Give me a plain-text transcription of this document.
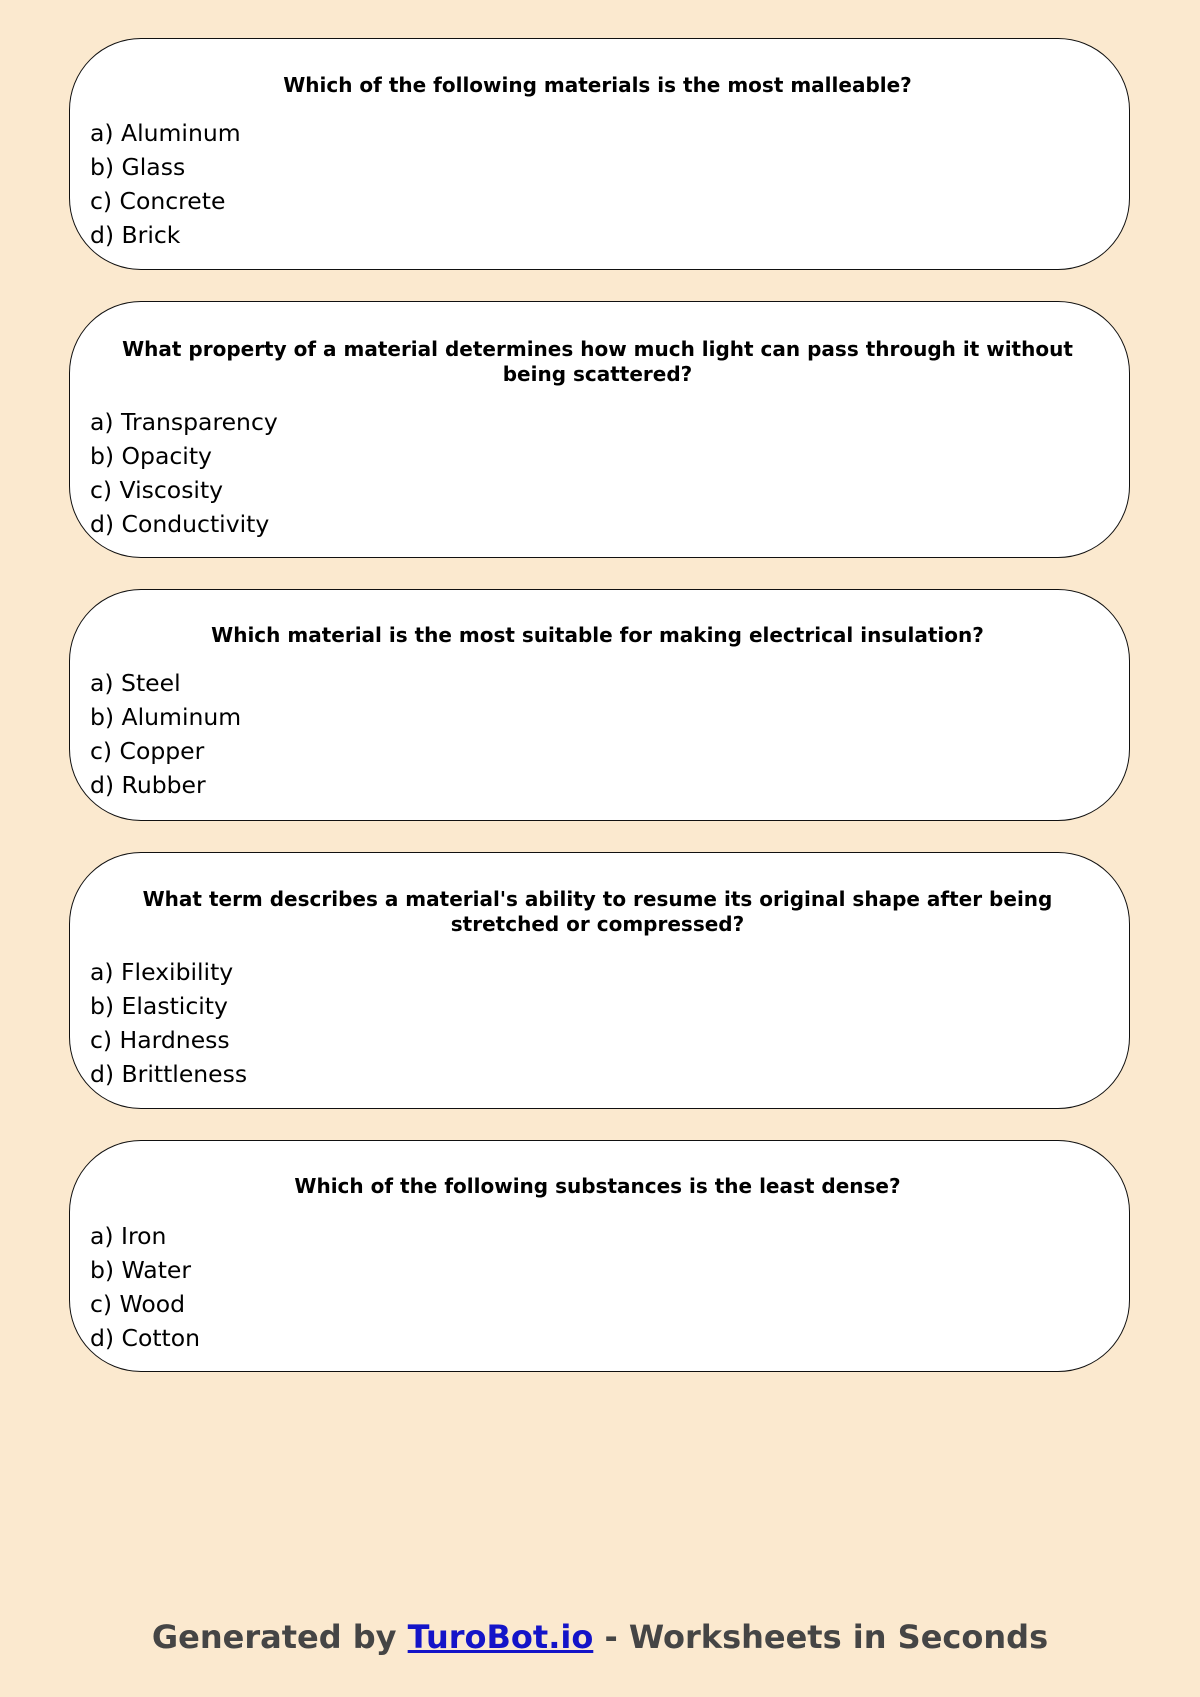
Which of the following materials is the most malleable?

a) Aluminum
b) Glass
c) Concrete
d) Brick

What property of a material determines how much light can pass through it without being scattered?

a) Transparency
b) Opacity
c) Viscosity
d) Conductivity

Which material is the most suitable for making electrical insulation?

a) Steel
b) Aluminum
c) Copper
d) Rubber

What term describes a material's ability to resume its original shape after being stretched or compressed?

a) Flexibility
b) Elasticity
c) Hardness
d) Brittleness

Which of the following substances is the least dense?

a) Iron
b) Water
c) Wood
d) Cotton
Generated by TuroBot.io - Worksheets in Seconds
